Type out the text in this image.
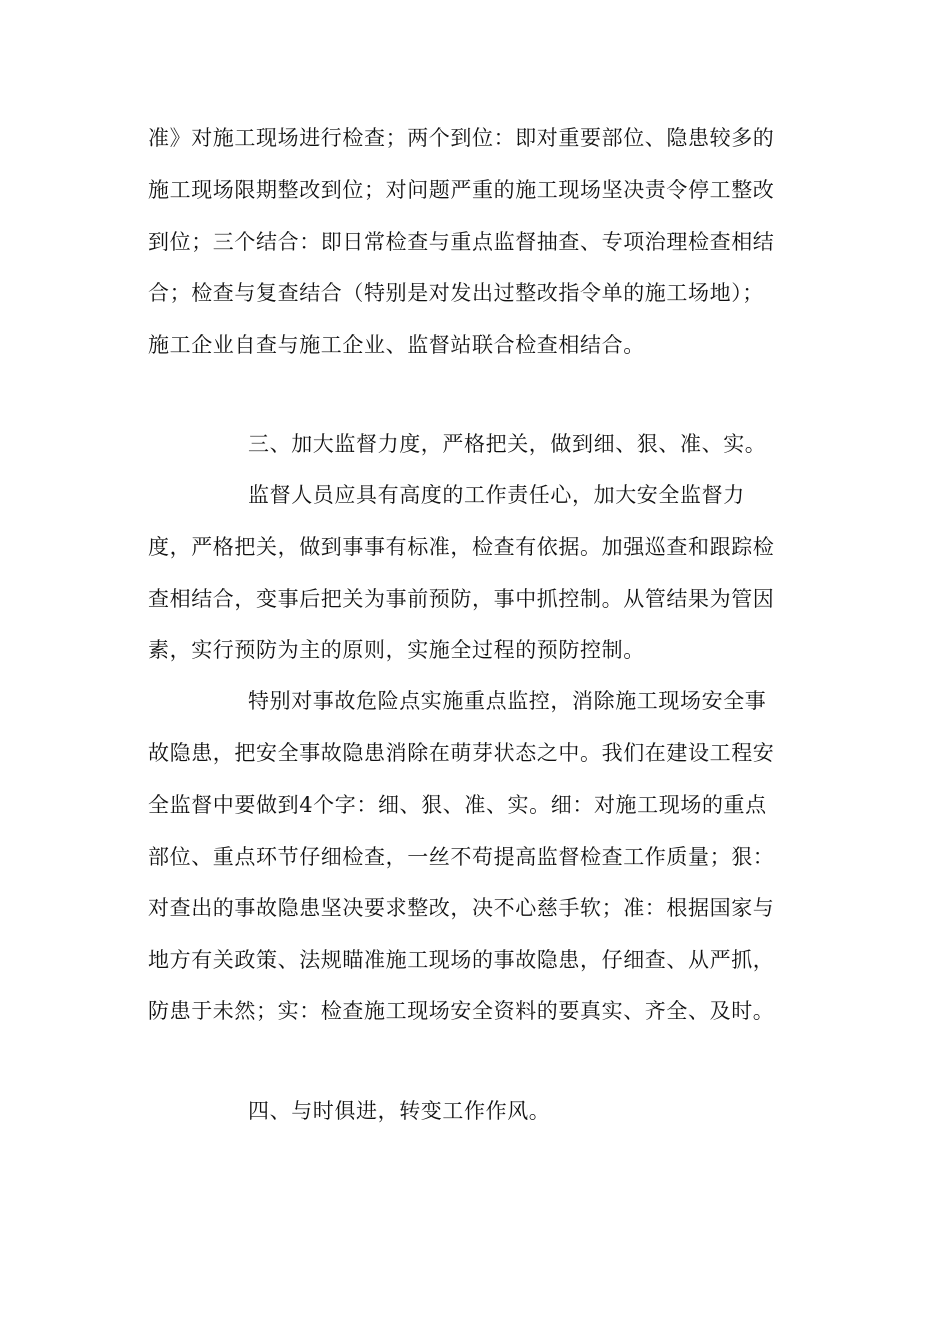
准》对施工现场进行检查；两个到位：即对重要部位、隐患较多的
施工现场限期整改到位；对问题严重的施工现场坚决责令停工整改
到位；三个结合：即日常检查与重点监督抽查、专项治理检查相结
合；检查与复查结合（特别是对发出过整改指令单的施工场地）；
施工企业自查与施工企业、监督站联合检查相结合。
三、加大监督力度，严格把关，做到细、狠、准、实。
监督人员应具有高度的工作责任心，加大安全监督力
度，严格把关，做到事事有标准，检查有依据。加强巡查和跟踪检
查相结合，变事后把关为事前预防，事中抓控制。从管结果为管因
素，实行预防为主的原则，实施全过程的预防控制。
特别对事故危险点实施重点监控，消除施工现场安全事
故隐患，把安全事故隐患消除在萌芽状态之中。我们在建设工程安
全监督中要做到4个字：细、狠、准、实。细：对施工现场的重点
部位、重点环节仔细检查，一丝不苟提高监督检查工作质量；狠：
对查出的事故隐患坚决要求整改，决不心慈手软；准：根据国家与
地方有关政策、法规瞄准施工现场的事故隐患，仔细查、从严抓，
防患于未然；实：检查施工现场安全资料的要真实、齐全、及时。
四、与时俱进，转变工作作风。
